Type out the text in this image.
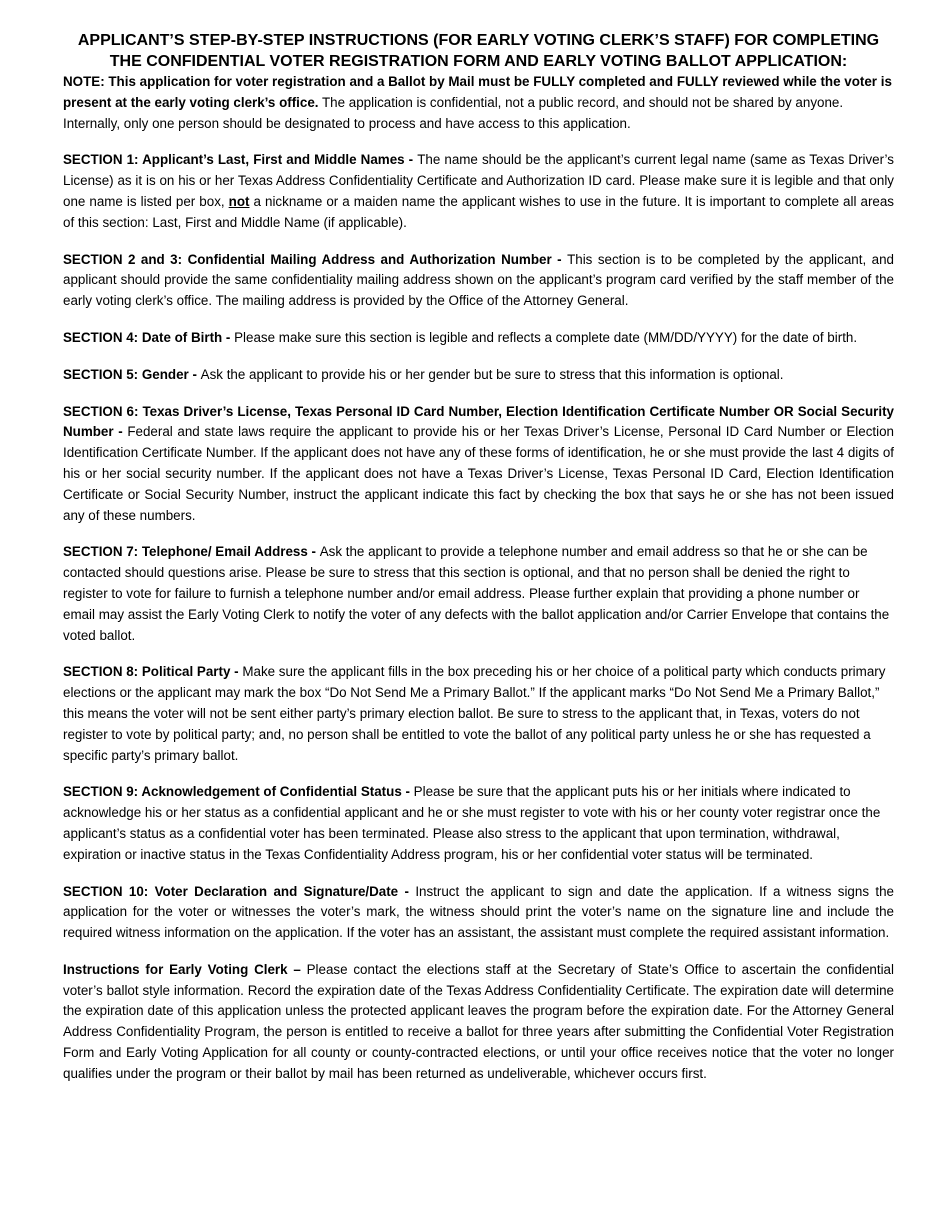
APPLICANT’S STEP-BY-STEP INSTRUCTIONS (FOR EARLY VOTING CLERK’S STAFF) FOR COMPLETING
THE CONFIDENTIAL VOTER REGISTRATION FORM AND EARLY VOTING BALLOT APPLICATION:

NOTE: This application for voter registration and a Ballot by Mail must be FULLY completed and FULLY reviewed while the voter is present at the early voting clerk’s office. The application is confidential, not a public record, and should not be shared by anyone. Internally, only one person should be designated to process and have access to this application.

SECTION 1: Applicant’s Last, First and Middle Names - The name should be the applicant’s current legal name (same as Texas Driver’s License) as it is on his or her Texas Address Confidentiality Certificate and Authorization ID card. Please make sure it is legible and that only one name is listed per box, not a nickname or a maiden name the applicant wishes to use in the future. It is important to complete all areas of this section: Last, First and Middle Name (if applicable).

SECTION 2 and 3: Confidential Mailing Address and Authorization Number - This section is to be completed by the applicant, and applicant should provide the same confidentiality mailing address shown on the applicant’s program card verified by the staff member of the early voting clerk’s office. The mailing address is provided by the Office of the Attorney General.

SECTION 4: Date of Birth - Please make sure this section is legible and reflects a complete date (MM/DD/YYYY) for the date of birth.

SECTION 5: Gender - Ask the applicant to provide his or her gender but be sure to stress that this information is optional.

SECTION 6: Texas Driver’s License, Texas Personal ID Card Number, Election Identification Certificate Number OR Social Security Number - Federal and state laws require the applicant to provide his or her Texas Driver’s License, Personal ID Card Number or Election Identification Certificate Number. If the applicant does not have any of these forms of identification, he or she must provide the last 4 digits of his or her social security number. If the applicant does not have a Texas Driver’s License, Texas Personal ID Card, Election Identification Certificate or Social Security Number, instruct the applicant indicate this fact by checking the box that says he or she has not been issued any of these numbers.

SECTION 7: Telephone/ Email Address - Ask the applicant to provide a telephone number and email address so that he or she can be contacted should questions arise. Please be sure to stress that this section is optional, and that no person shall be denied the right to register to vote for failure to furnish a telephone number and/or email address. Please further explain that providing a phone number or email may assist the Early Voting Clerk to notify the voter of any defects with the ballot application and/or Carrier Envelope that contains the voted ballot.

SECTION 8: Political Party - Make sure the applicant fills in the box preceding his or her choice of a political party which conducts primary elections or the applicant may mark the box “Do Not Send Me a Primary Ballot.” If the applicant marks “Do Not Send Me a Primary Ballot,” this means the voter will not be sent either party’s primary election ballot. Be sure to stress to the applicant that, in Texas, voters do not register to vote by political party; and, no person shall be entitled to vote the ballot of any political party unless he or she has requested a specific party’s primary ballot.

SECTION 9: Acknowledgement of Confidential Status - Please be sure that the applicant puts his or her initials where indicated to acknowledge his or her status as a confidential applicant and he or she must register to vote with his or her county voter registrar once the applicant’s status as a confidential voter has been terminated. Please also stress to the applicant that upon termination, withdrawal, expiration or inactive status in the Texas Confidentiality Address program, his or her confidential voter status will be terminated.

SECTION 10: Voter Declaration and Signature/Date - Instruct the applicant to sign and date the application. If a witness signs the application for the voter or witnesses the voter’s mark, the witness should print the voter’s name on the signature line and include the required witness information on the application. If the voter has an assistant, the assistant must complete the required assistant information.

Instructions for Early Voting Clerk – Please contact the elections staff at the Secretary of State’s Office to ascertain the confidential voter’s ballot style information. Record the expiration date of the Texas Address Confidentiality Certificate. The expiration date will determine the expiration date of this application unless the protected applicant leaves the program before the expiration date. For the Attorney General Address Confidentiality Program, the person is entitled to receive a ballot for three years after submitting the Confidential Voter Registration Form and Early Voting Application for all county or county-contracted elections, or until your office receives notice that the voter no longer qualifies under the program or their ballot by mail has been returned as undeliverable, whichever occurs first.
